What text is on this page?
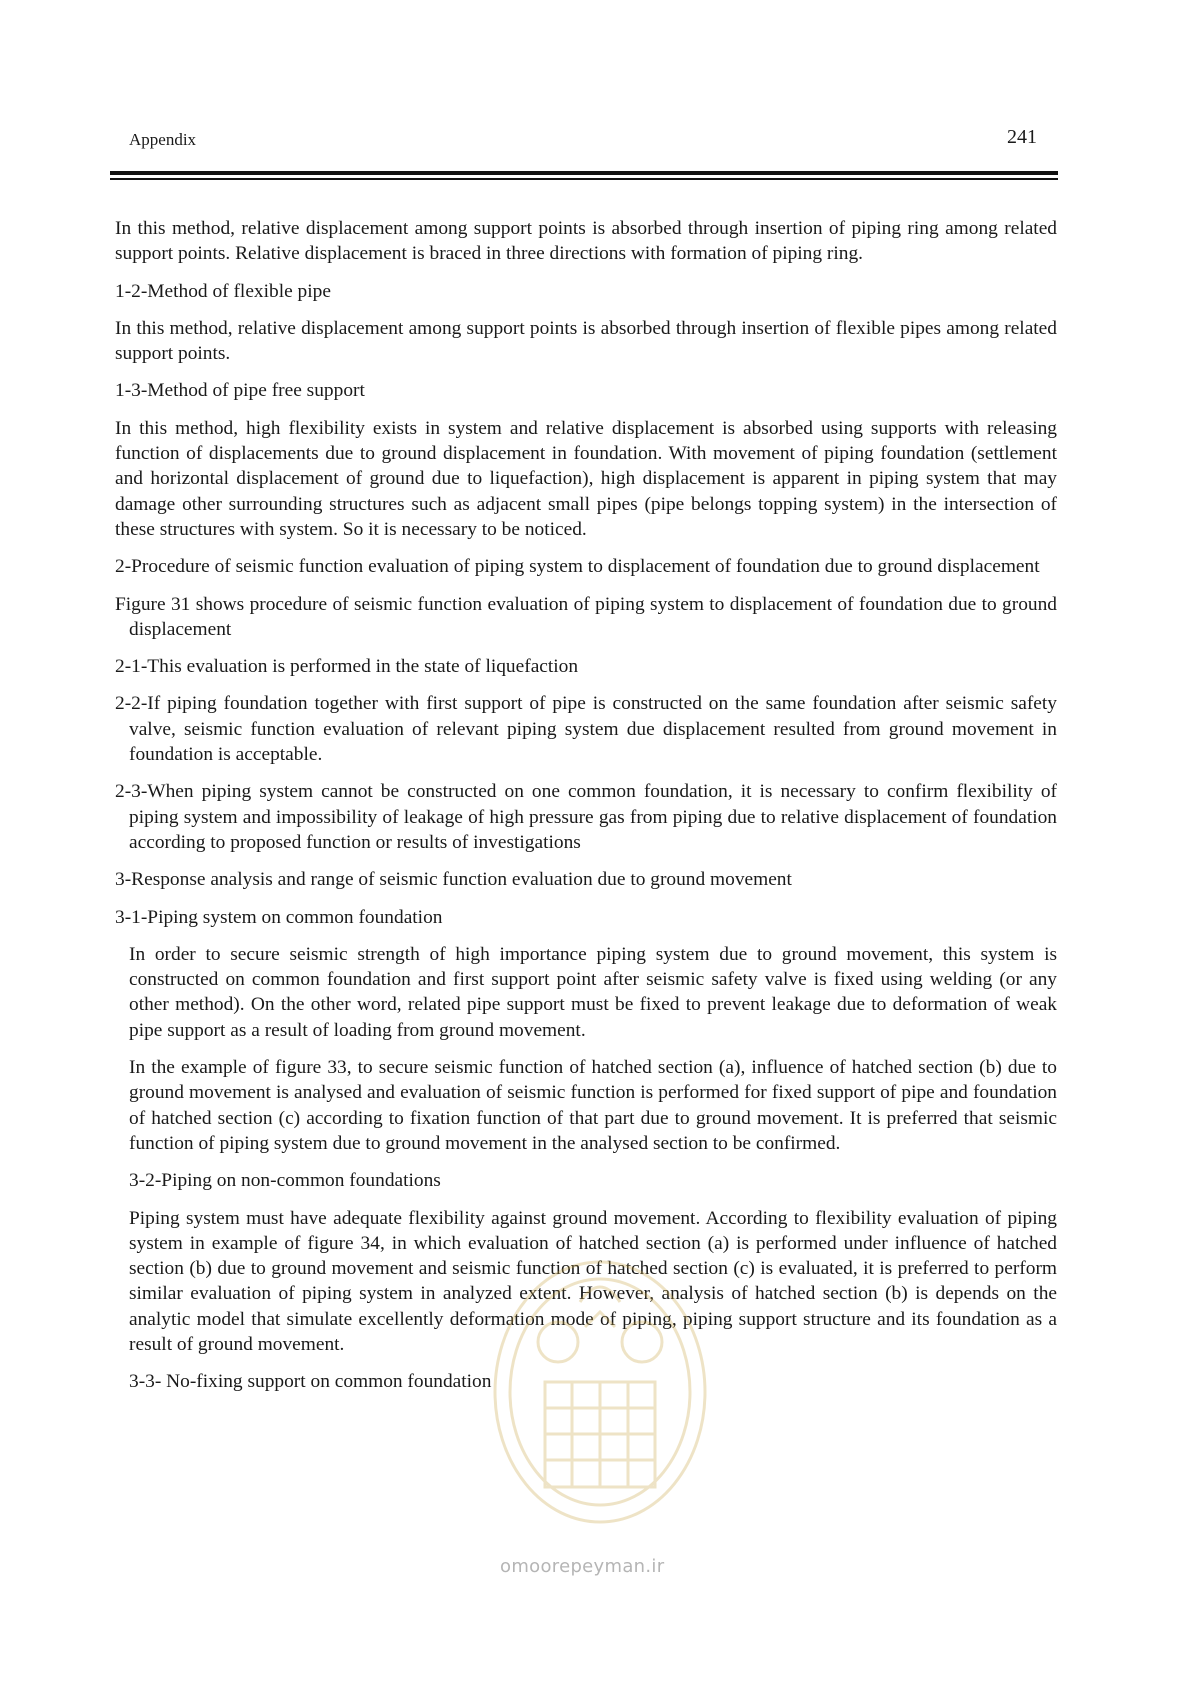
Appendix	241

In this method, relative displacement among support points is absorbed through insertion of piping ring among related support points. Relative displacement is braced in three directions with formation of piping ring.

1-2-Method of flexible pipe

In this method, relative displacement among support points is absorbed through insertion of flexible pipes among related support points.

1-3-Method of pipe free support

In this method, high flexibility exists in system and relative displacement is absorbed using supports with releasing function of displacements due to ground displacement in foundation. With movement of piping foundation (settlement and horizontal displacement of ground due to liquefaction), high displacement is apparent in piping system that may damage other surrounding structures such as adjacent small pipes (pipe belongs topping system) in the intersection of these structures with system. So it is necessary to be noticed.

2-Procedure of seismic function evaluation of piping system to displacement of foundation due to ground displacement

Figure 31 shows procedure of seismic function evaluation of piping system to displacement of foundation due to ground displacement

2-1-This evaluation is performed in the state of liquefaction

2-2-If piping foundation together with first support of pipe is constructed on the same foundation after seismic safety valve, seismic function evaluation of relevant piping system due displacement resulted from ground movement in foundation is acceptable.

2-3-When piping system cannot be constructed on one common foundation, it is necessary to confirm flexibility of piping system and impossibility of leakage of high pressure gas from piping due to relative displacement of foundation according to proposed function or results of investigations

3-Response analysis and range of seismic function evaluation due to ground movement

3-1-Piping system on common foundation

In order to secure seismic strength of high importance piping system due to ground movement, this system is constructed on common foundation and first support point after seismic safety valve is fixed using welding (or any other method). On the other word, related pipe support must be fixed to prevent leakage due to deformation of weak pipe support as a result of loading from ground movement.

In the example of figure 33, to secure seismic function of hatched section (a), influence of hatched section (b) due to ground movement is analysed and evaluation of seismic function is performed for fixed support of pipe and foundation of hatched section (c) according to fixation function of that part due to ground movement. It is preferred that seismic function of piping system due to ground movement in the analysed section to be confirmed.

3-2-Piping on non-common foundations

Piping system must have adequate flexibility against ground movement. According to flexibility evaluation of piping system in example of figure 34, in which evaluation of hatched section (a) is performed under influence of hatched section (b) due to ground movement and seismic function of hatched section (c) is evaluated, it is preferred to perform similar evaluation of piping system in analyzed extent. However, analysis of hatched section (b) is depends on the analytic model that simulate excellently deformation mode of piping, piping support structure and its foundation as a result of ground movement.

3-3- No-fixing support on common foundation

omoorepeyman.ir
